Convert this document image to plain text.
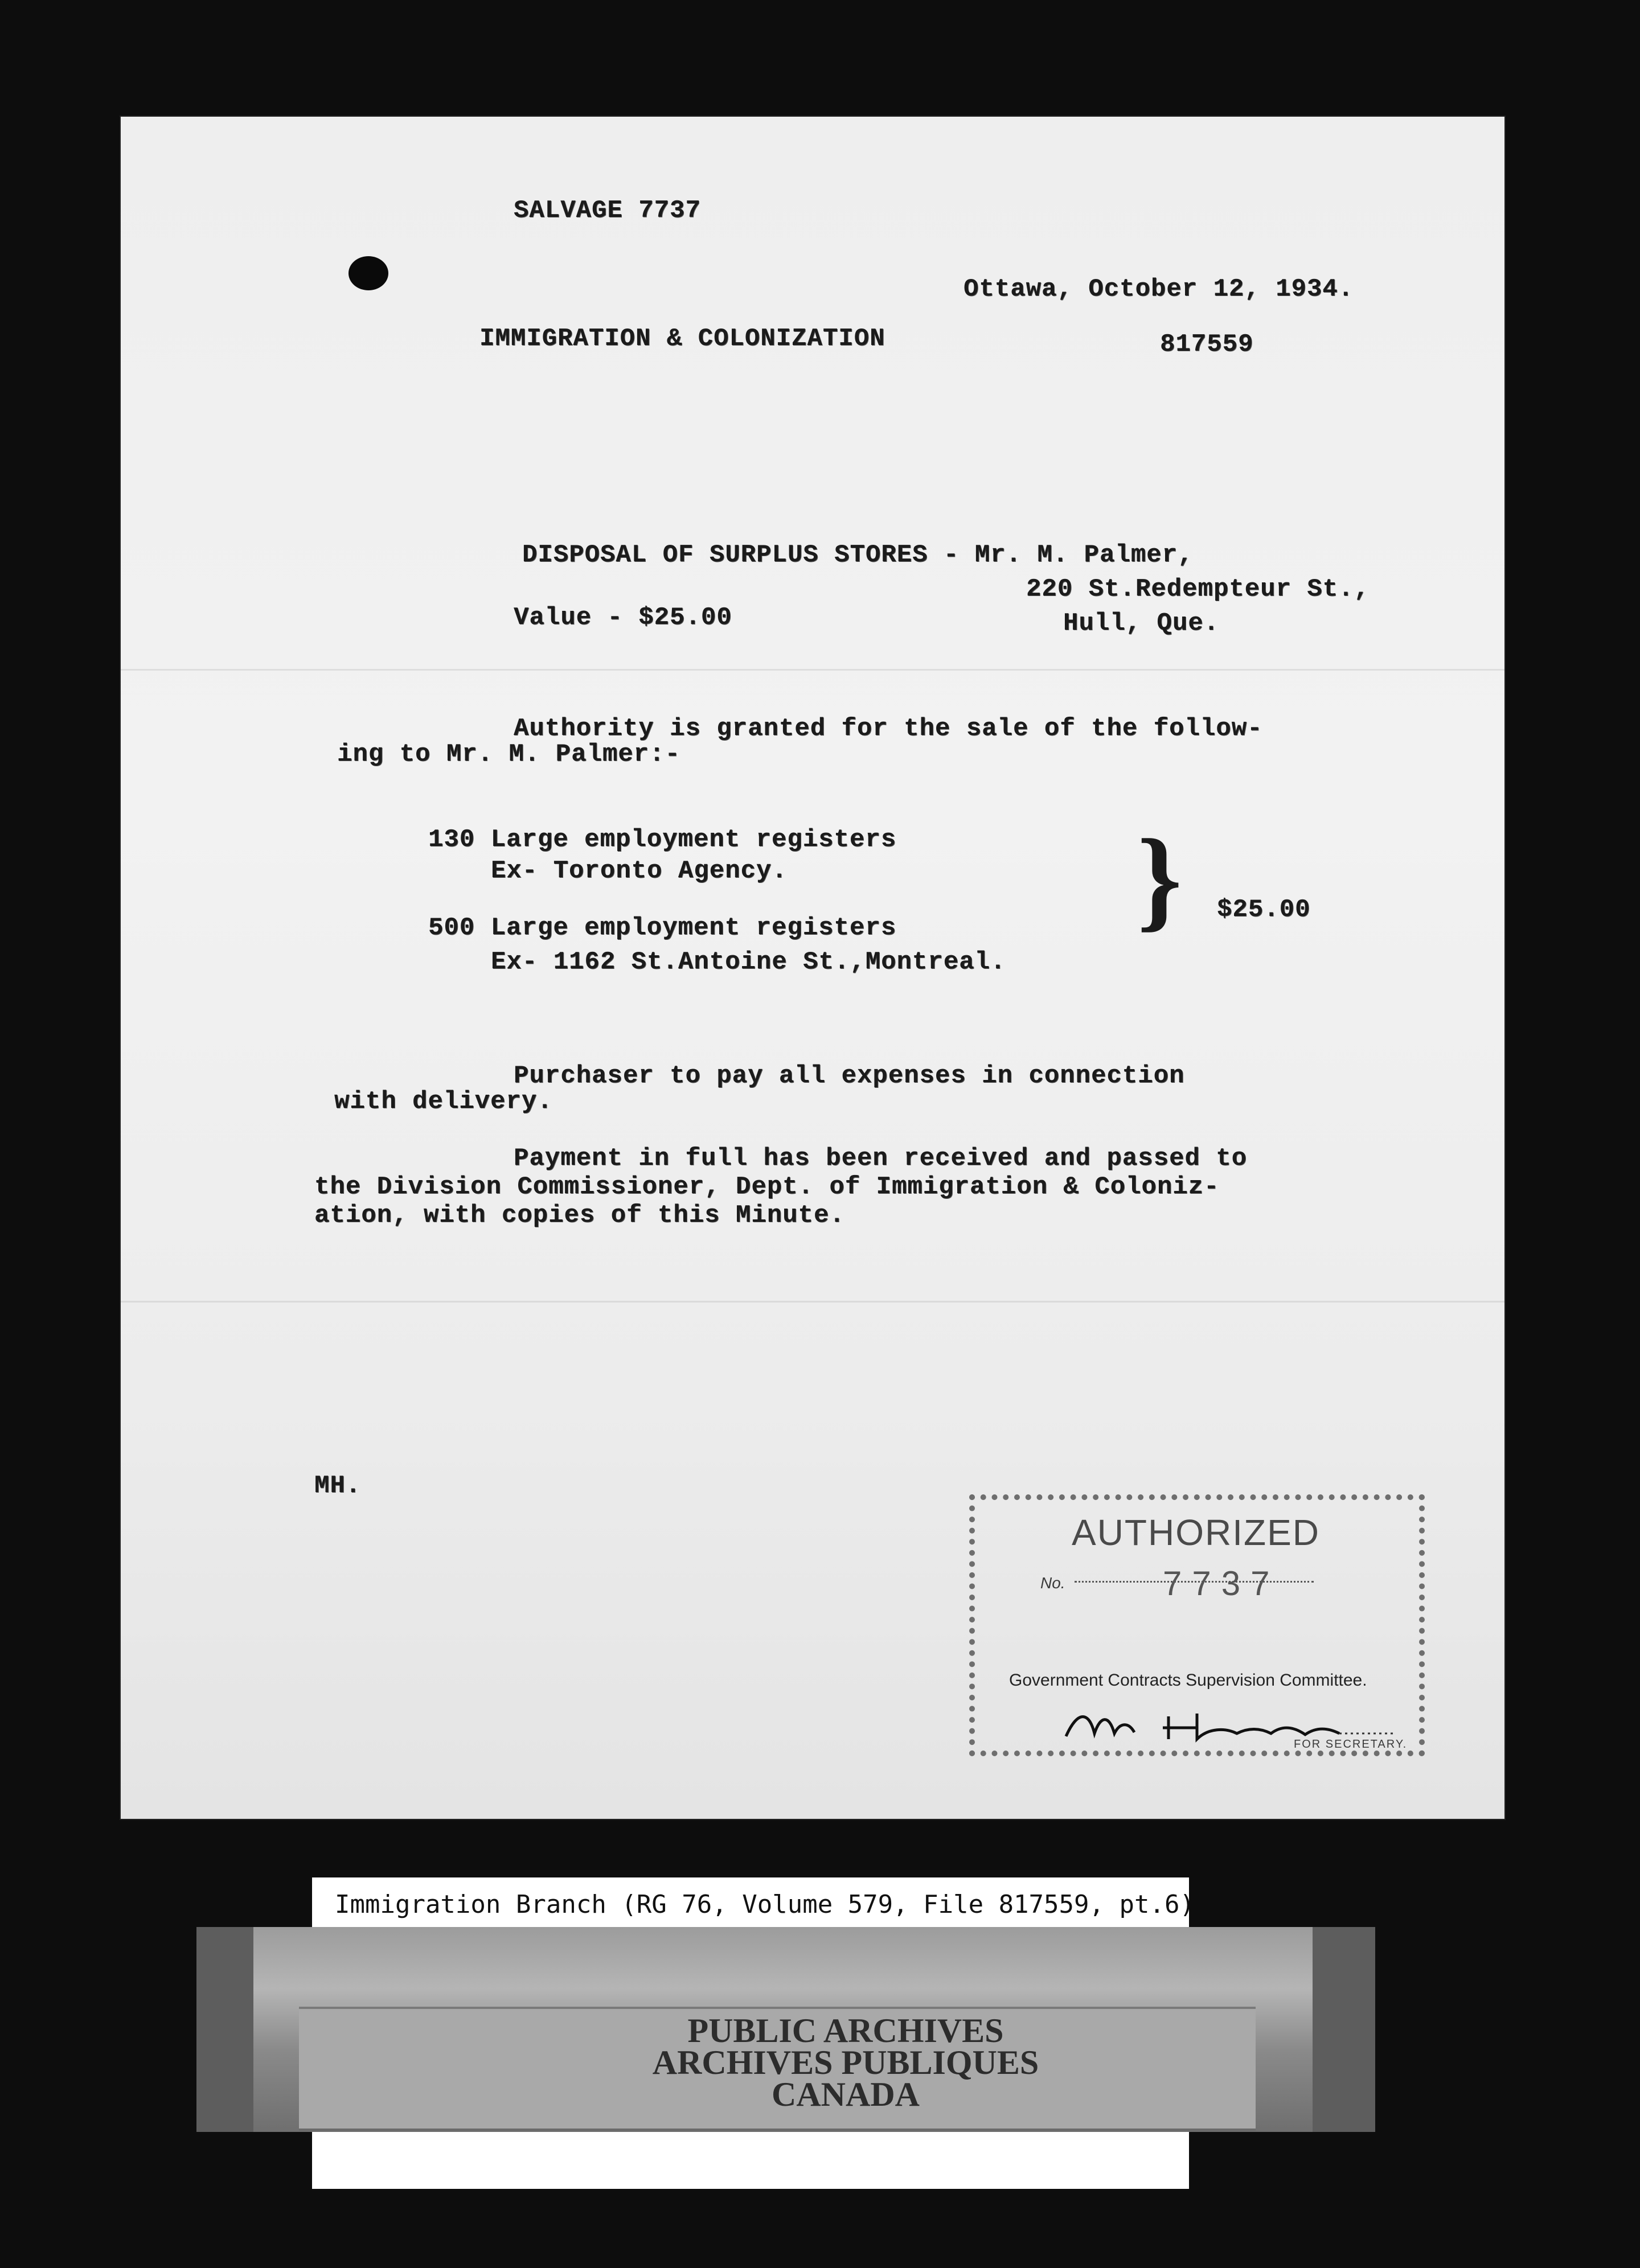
SALVAGE 7737
Ottawa, October 12, 1934.
IMMIGRATION & COLONIZATION	817559
DISPOSAL OF SURPLUS STORES - Mr. M. Palmer,
220 St.Redempteur St.,
Value - $25.00	Hull, Que.
Authority is granted for the sale of the follow-
ing to Mr. M. Palmer:-
130 Large employment registers
Ex- Toronto Agency.
500 Large employment registers
Ex- 1162 St.Antoine St.,Montreal.
} $25.00
Purchaser to pay all expenses in connection
with delivery.
Payment in full has been received and passed to
the Division Commissioner, Dept. of Immigration & Coloniz-
ation, with copies of this Minute.
MH.
AUTHORIZED
No.	7737
Government Contracts Supervision Committee.
FOR SECRETARY.
Immigration Branch (RG 76, Volume 579, File 817559, pt.6)
PUBLIC ARCHIVES
ARCHIVES PUBLIQUES
CANADA
